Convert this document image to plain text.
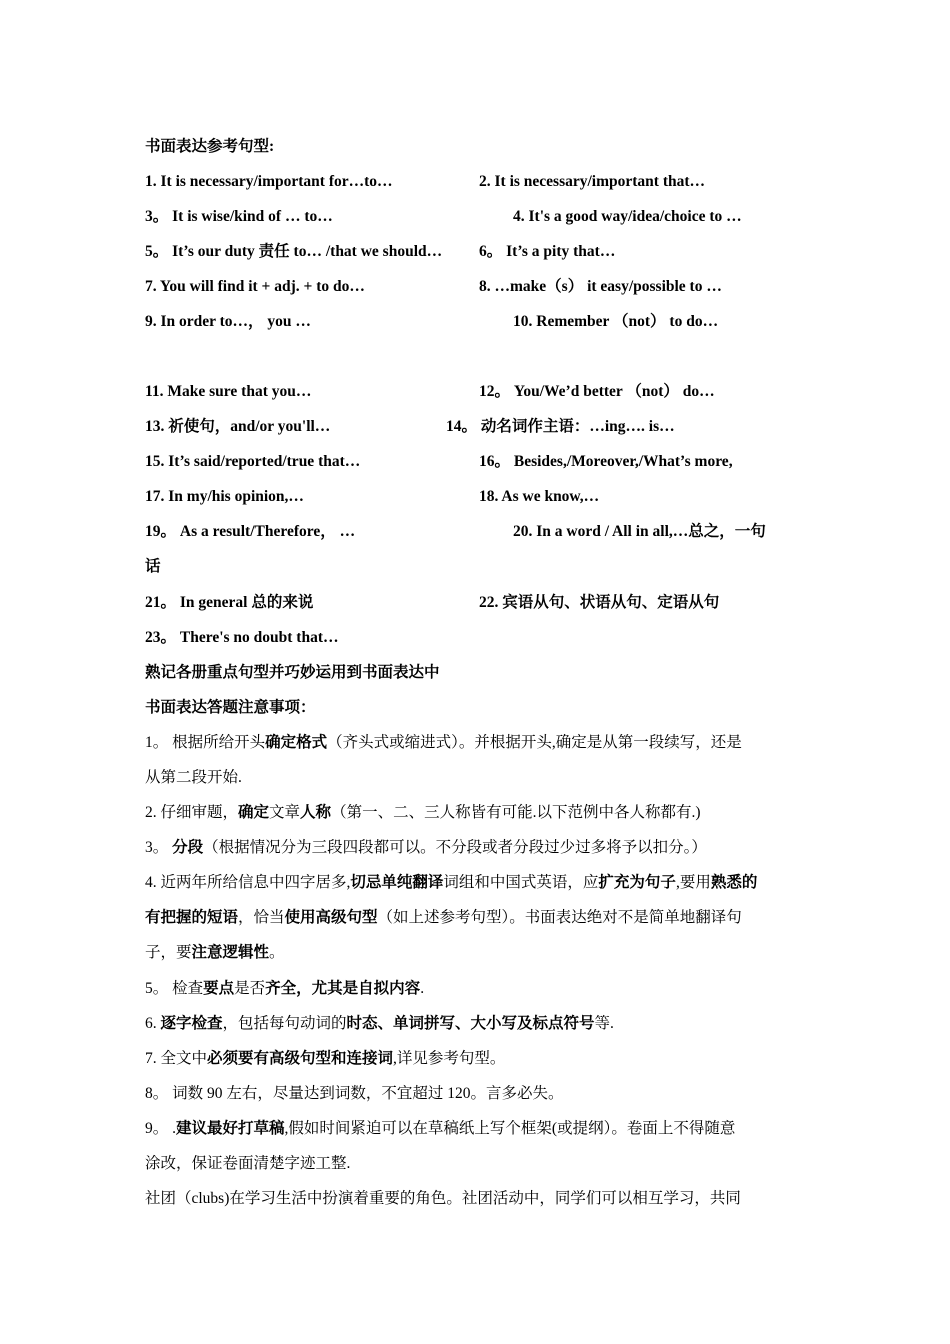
书面表达参考句型:
1. It is necessary/important for…to…	2. It is necessary/important that…
3。 It is wise/kind of … to…	4. It's a good way/idea/choice to …
5。 It’s our duty 责任 to… /that we should… 6。 It’s a pity that…
7. You will find it + adj. + to do…	8. …make（s） it easy/possible to …
9. In order to…， you …	10. Remember （not） to do…
11. Make sure that you…	12。 You/We’d better （not） do…
13. 祈使句，and/or you'll…	14。 动名词作主语：…ing…. is…
15. It’s said/reported/true that…	16。 Besides,/Moreover,/What’s more,
17. In my/his opinion,…	18. As we know,…
19。 As a result/Therefore， …	20. In a word / All in all,…总之，一句
话
21。 In general 总的来说	22. 宾语从句、状语从句、定语从句
23。 There's no doubt that…
熟记各册重点句型并巧妙运用到书面表达中
书面表达答题注意事项：
1。 根据所给开头确定格式（齐头式或缩进式）。并根据开头,确定是从第一段续写，还是
从第二段开始.
2. 仔细审题，确定文章人称（第一、二、三人称皆有可能.以下范例中各人称都有.)
3。 分段（根据情况分为三段四段都可以。不分段或者分段过少过多将予以扣分。）
4. 近两年所给信息中四字居多,切忌单纯翻译词组和中国式英语，应扩充为句子,要用熟悉的
有把握的短语，恰当使用高级句型（如上述参考句型）。书面表达绝对不是简单地翻译句
子，要注意逻辑性。
5。 检查要点是否齐全，尤其是自拟内容.
6. 逐字检查，包括每句动词的时态、单词拼写、大小写及标点符号等.
7. 全文中必须要有高级句型和连接词,详见参考句型。
8。 词数 90 左右，尽量达到词数，不宜超过 120。言多必失。
9。 .建议最好打草稿,假如时间紧迫可以在草稿纸上写个框架(或提纲）。卷面上不得随意
涂改，保证卷面清楚字迹工整.
社团（clubs)在学习生活中扮演着重要的角色。社团活动中，同学们可以相互学习，共同
